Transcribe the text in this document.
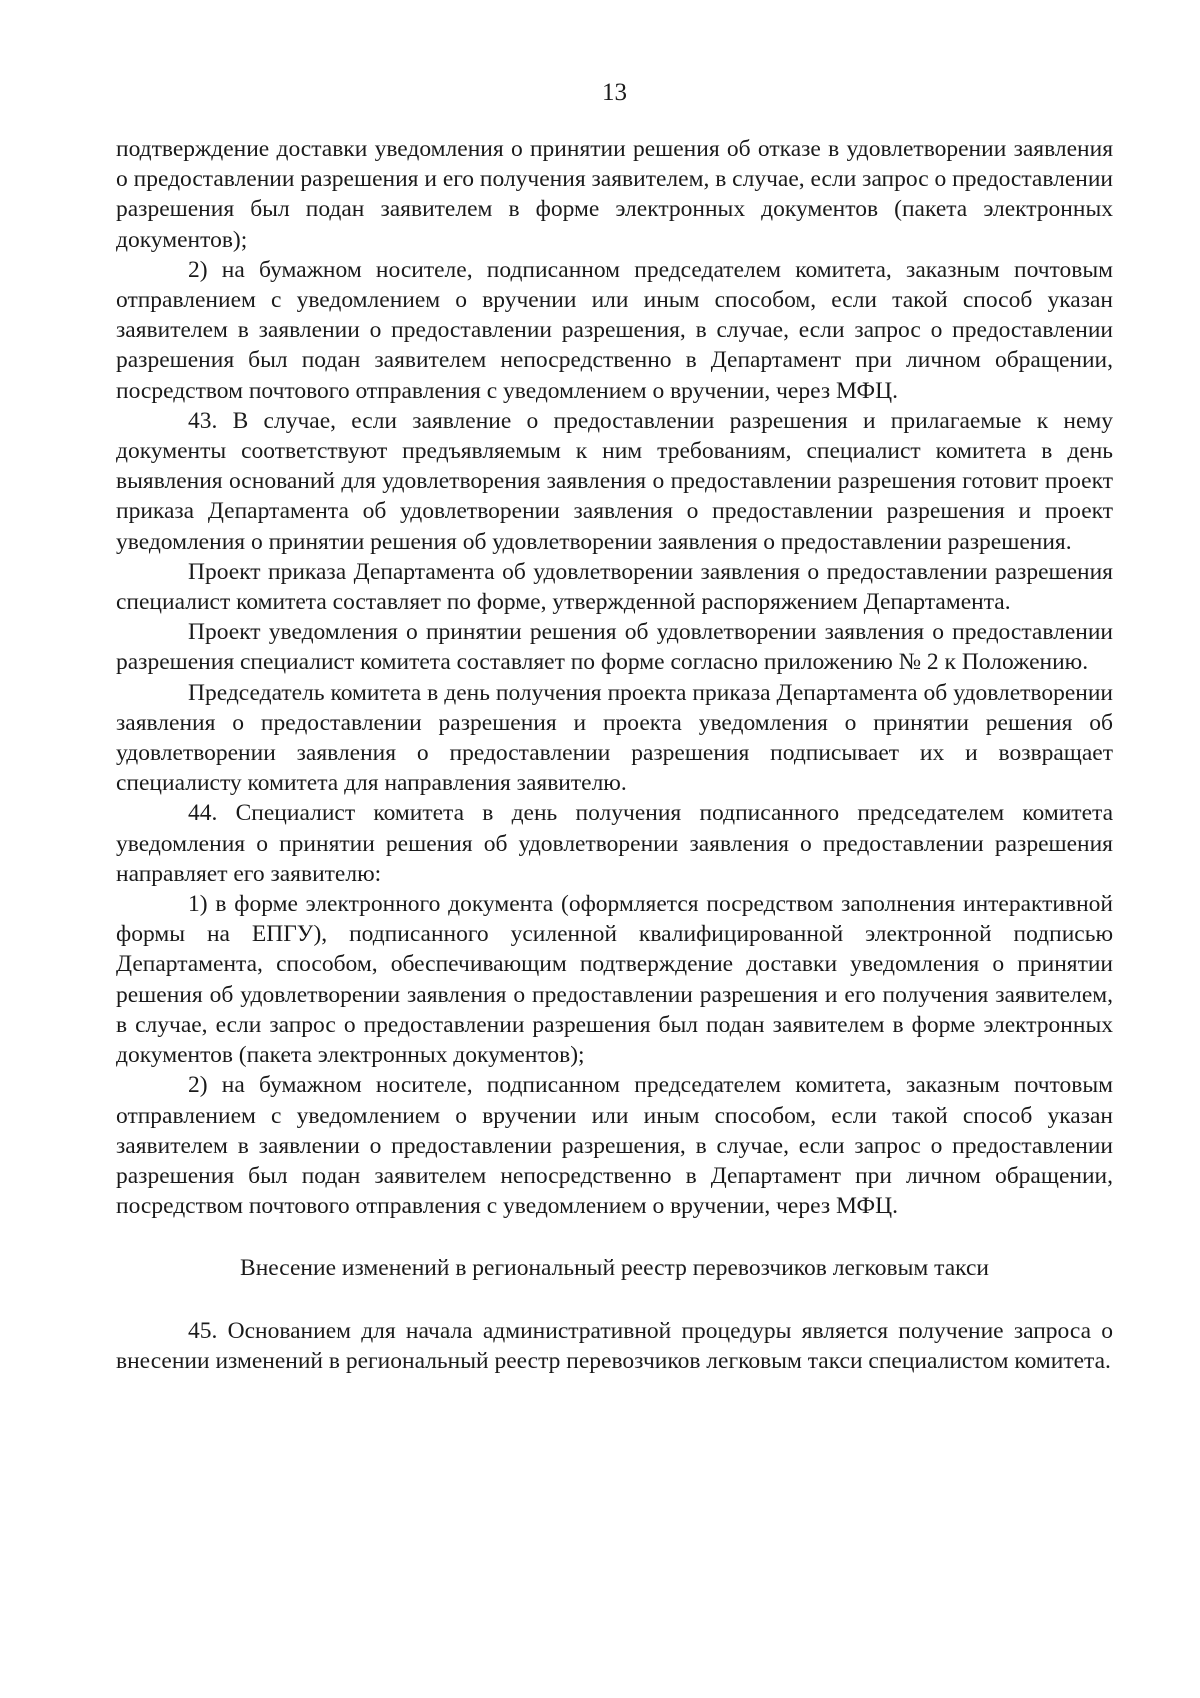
13

подтверждение доставки уведомления о принятии решения об отказе в удовлетворении заявления о предоставлении разрешения и его получения заявителем, в случае, если запрос о предоставлении разрешения был подан заявителем в форме электронных документов (пакета электронных документов);

2) на бумажном носителе, подписанном председателем комитета, заказным почтовым отправлением с уведомлением о вручении или иным способом, если такой способ указан заявителем в заявлении о предоставлении разрешения, в случае, если запрос о предоставлении разрешения был подан заявителем непосредственно в Департамент при личном обращении, посредством почтового отправления с уведомлением о вручении, через МФЦ.

43. В случае, если заявление о предоставлении разрешения и прилагаемые к нему документы соответствуют предъявляемым к ним требованиям, специалист комитета в день выявления оснований для удовлетворения заявления о предоставлении разрешения готовит проект приказа Департамента об удовлетворении заявления о предоставлении разрешения и проект уведомления о принятии решения об удовлетворении заявления о предоставлении разрешения.

Проект приказа Департамента об удовлетворении заявления о предоставлении разрешения специалист комитета составляет по форме, утвержденной распоряжением Департамента.

Проект уведомления о принятии решения об удовлетворении заявления о предоставлении разрешения специалист комитета составляет по форме согласно приложению № 2 к Положению.

Председатель комитета в день получения проекта приказа Департамента об удовлетворении заявления о предоставлении разрешения и проекта уведомления о принятии решения об удовлетворении заявления о предоставлении разрешения подписывает их и возвращает специалисту комитета для направления заявителю.

44. Специалист комитета в день получения подписанного председателем комитета уведомления о принятии решения об удовлетворении заявления о предоставлении разрешения направляет его заявителю:

1) в форме электронного документа (оформляется посредством заполнения интерактивной формы на ЕПГУ), подписанного усиленной квалифицированной электронной подписью Департамента, способом, обеспечивающим подтверждение доставки уведомления о принятии решения об удовлетворении заявления о предоставлении разрешения и его получения заявителем, в случае, если запрос о предоставлении разрешения был подан заявителем в форме электронных документов (пакета электронных документов);

2) на бумажном носителе, подписанном председателем комитета, заказным почтовым отправлением с уведомлением о вручении или иным способом, если такой способ указан заявителем в заявлении о предоставлении разрешения, в случае, если запрос о предоставлении разрешения был подан заявителем непосредственно в Департамент при личном обращении, посредством почтового отправления с уведомлением о вручении, через МФЦ.

Внесение изменений в региональный реестр перевозчиков легковым такси

45. Основанием для начала административной процедуры является получение запроса о внесении изменений в региональный реестр перевозчиков легковым такси специалистом комитета.
